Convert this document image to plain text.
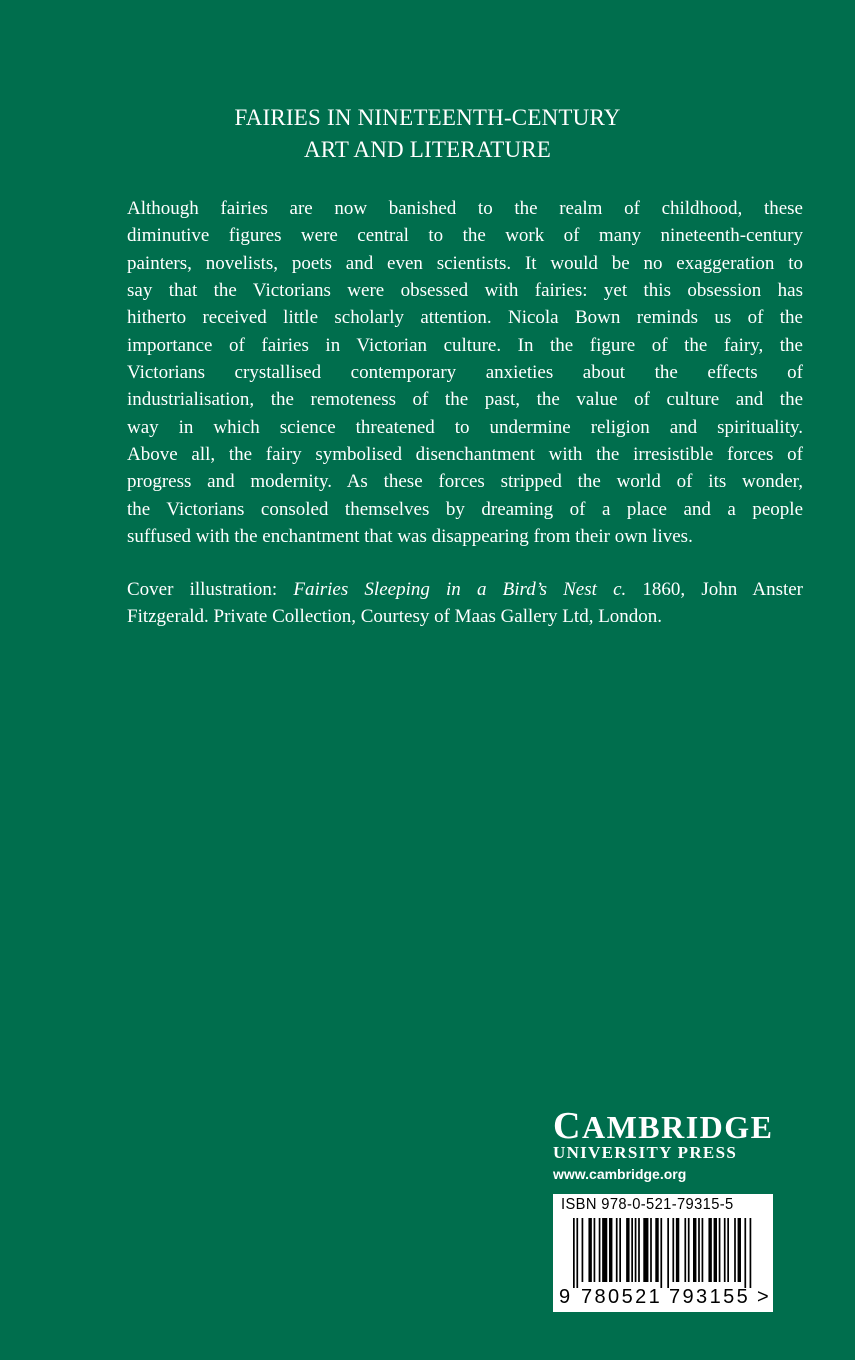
FAIRIES IN NINETEENTH-CENTURY
ART AND LITERATURE

Although fairies are now banished to the realm of childhood, these
diminutive figures were central to the work of many nineteenth-century
painters, novelists, poets and even scientists. It would be no exaggeration to
say that the Victorians were obsessed with fairies: yet this obsession has
hitherto received little scholarly attention. Nicola Bown reminds us of the
importance of fairies in Victorian culture. In the figure of the fairy, the
Victorians crystallised contemporary anxieties about the effects of
industrialisation, the remoteness of the past, the value of culture and the
way in which science threatened to undermine religion and spirituality.
Above all, the fairy symbolised disenchantment with the irresistible forces of
progress and modernity. As these forces stripped the world of its wonder,
the Victorians consoled themselves by dreaming of a place and a people
suffused with the enchantment that was disappearing from their own lives.

Cover illustration: Fairies Sleeping in a Bird’s Nest c. 1860, John Anster
Fitzgerald. Private Collection, Courtesy of Maas Gallery Ltd, London.

CAMBRIDGE
UNIVERSITY PRESS
www.cambridge.org
ISBN 978-0-521-79315-5
9 780521 793155 >
